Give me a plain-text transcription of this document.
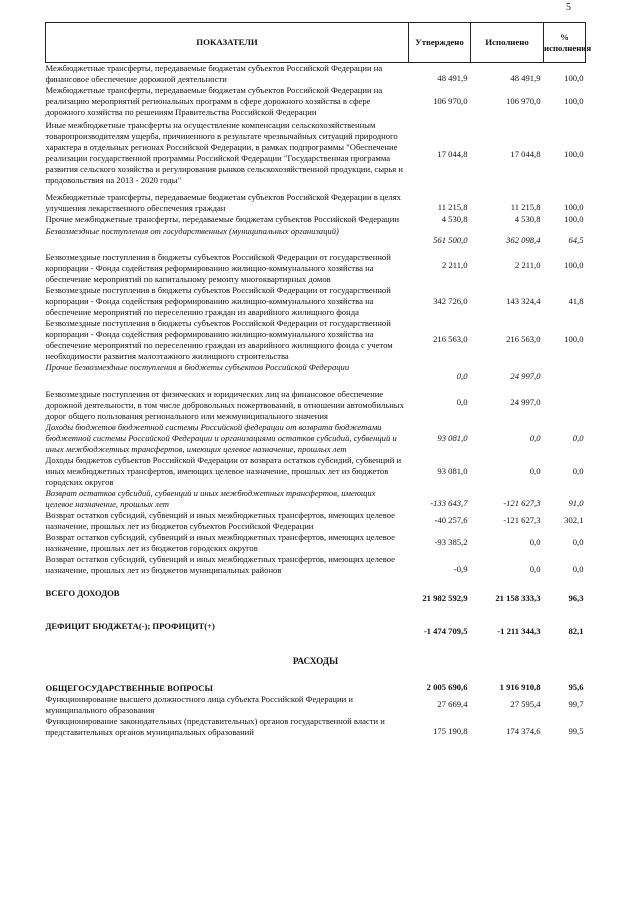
5
ПОКАЗАТЕЛИ	Утверждено	Исполнено	% исполнения
Межбюджетные трансферты, передаваемые бюджетам субъектов Российской Федерации на финансовое обеспечение дорожной деятельности	48 491,9	48 491,9	100,0
Межбюджетные трансферты, передаваемые бюджетам субъектов Российской Федерации на реализацию мероприятий региональных программ в сфере дорожного хозяйства в сфере дорожного хозяйства по решениям Правительства Российской Федерации	106 970,0	106 970,0	100,0
Иные межбюджетные трансферты на осуществление компенсации сельскохозяйственным товаропроизводителям ущерба, причиненного в результате чрезвычайных ситуаций природного характера в отдельных регионах Российской Федерации, в рамках подпрограммы "Обеспечение реализации государственной программы Российской Федерации "Государственная программа развития сельского хозяйства и регулирования рынков сельскохозяйственной продукции, сырья и продовольствия на 2013 - 2020 годы"	17 044,8	17 044,8	100,0
Межбюджетные трансферты, передаваемые бюджетам субъектов Российской Федерации в целях улучшения лекарственного обеспечения граждан	11 215,8	11 215,8	100,0
Прочие межбюджетные трансферты, передаваемые бюджетам субъектов Российской Федерации	4 530,8	4 530,8	100,0
Безвозмездные поступления от государственных (муниципальных организаций)	561 500,0	362 098,4	64,5
Безвозмездные поступления в бюджеты субъектов Российской Федерации от государственной корпорации - Фонда содействия реформированию жилищно-коммунального хозяйства на обеспечение мероприятий по капитальному ремонту многоквартирных домов	2 211,0	2 211,0	100,0
Безвозмездные поступления в бюджеты субъектов Российской Федерации от государственной корпорации - Фонда содействия реформированию жилищно-коммунального хозяйства на обеспечение мероприятий по переселению граждан из аварийного жилищного фонда	342 726,0	143 324,4	41,8
Безвозмездные поступления в бюджеты субъектов Российской Федерации от государственной корпорации - Фонда содействия реформированию жилищно-коммунального хозяйства на обеспечение мероприятий по переселению граждан из аварийного жилищного фонда с учетом необходимости развития малоэтажного жилищного строительства	216 563,0	216 563,0	100,0
Прочие безвозмездные поступления в бюджеты субъектов Российской Федерации	0,0	24 997,0	
Безвозмездные поступления от физических и юридических лиц на финансовое обеспечение дорожной деятельности, в том числе добровольных пожертвований, в отношении автомобильных дорог общего пользования регионального или межмуниципального значения	0,0	24 997,0	
Доходы бюджетов бюджетной системы Российской федерации от возврата бюджетами бюджетной системы Российской Федерации и организациями остатков субсидий, субвенций и иных межбюджетных трансфертов, имеющих целевое назначение, прошлых лет	93 081,0	0,0	0,0
Доходы бюджетов субъектов Российской Федерации от возврата остатков субсидий, субвенций и иных межбюджетных трансфертов, имеющих целевое назначение, прошлых лет из бюджетов городских округов	93 081,0	0,0	0,0
Возврат остатков субсидий, субвенций и иных межбюджетных трансфертов, имеющих целевое назначение, прошлых лет	-133 643,7	-121 627,3	91,0
Возврат остатков субсидий, субвенций и иных межбюджетных трансфертов, имеющих целевое назначение, прошлых лет из бюджетов субъектов Российской Федерации	-40 257,6	-121 627,3	302,1
Возврат остатков субсидий, субвенций и иных межбюджетных трансфертов, имеющих целевое назначение, прошлых лет из бюджетов городских округов	-93 385,2	0,0	0,0
Возврат остатков субсидий, субвенций и иных межбюджетных трансфертов, имеющих целевое назначение, прошлых лет из бюджетов муниципальных районов	-0,9	0,0	0,0
ВСЕГО ДОХОДОВ	21 982 592,9	21 158 333,3	96,3
ДЕФИЦИТ БЮДЖЕТА(-); ПРОФИЦИТ(+)	-1 474 709,5	-1 211 344,3	82,1
РАСХОДЫ			
ОБЩЕГОСУДАРСТВЕННЫЕ ВОПРОСЫ	2 005 690,6	1 916 910,8	95,6
Функционирование высшего должностного лица субъекта Российской Федерации и муниципального образования	27 669,4	27 595,4	99,7
Функционирование законодательных (представительных) органов государственной власти и представительных органов муниципальных образований	175 190,8	174 374,6	99,5
